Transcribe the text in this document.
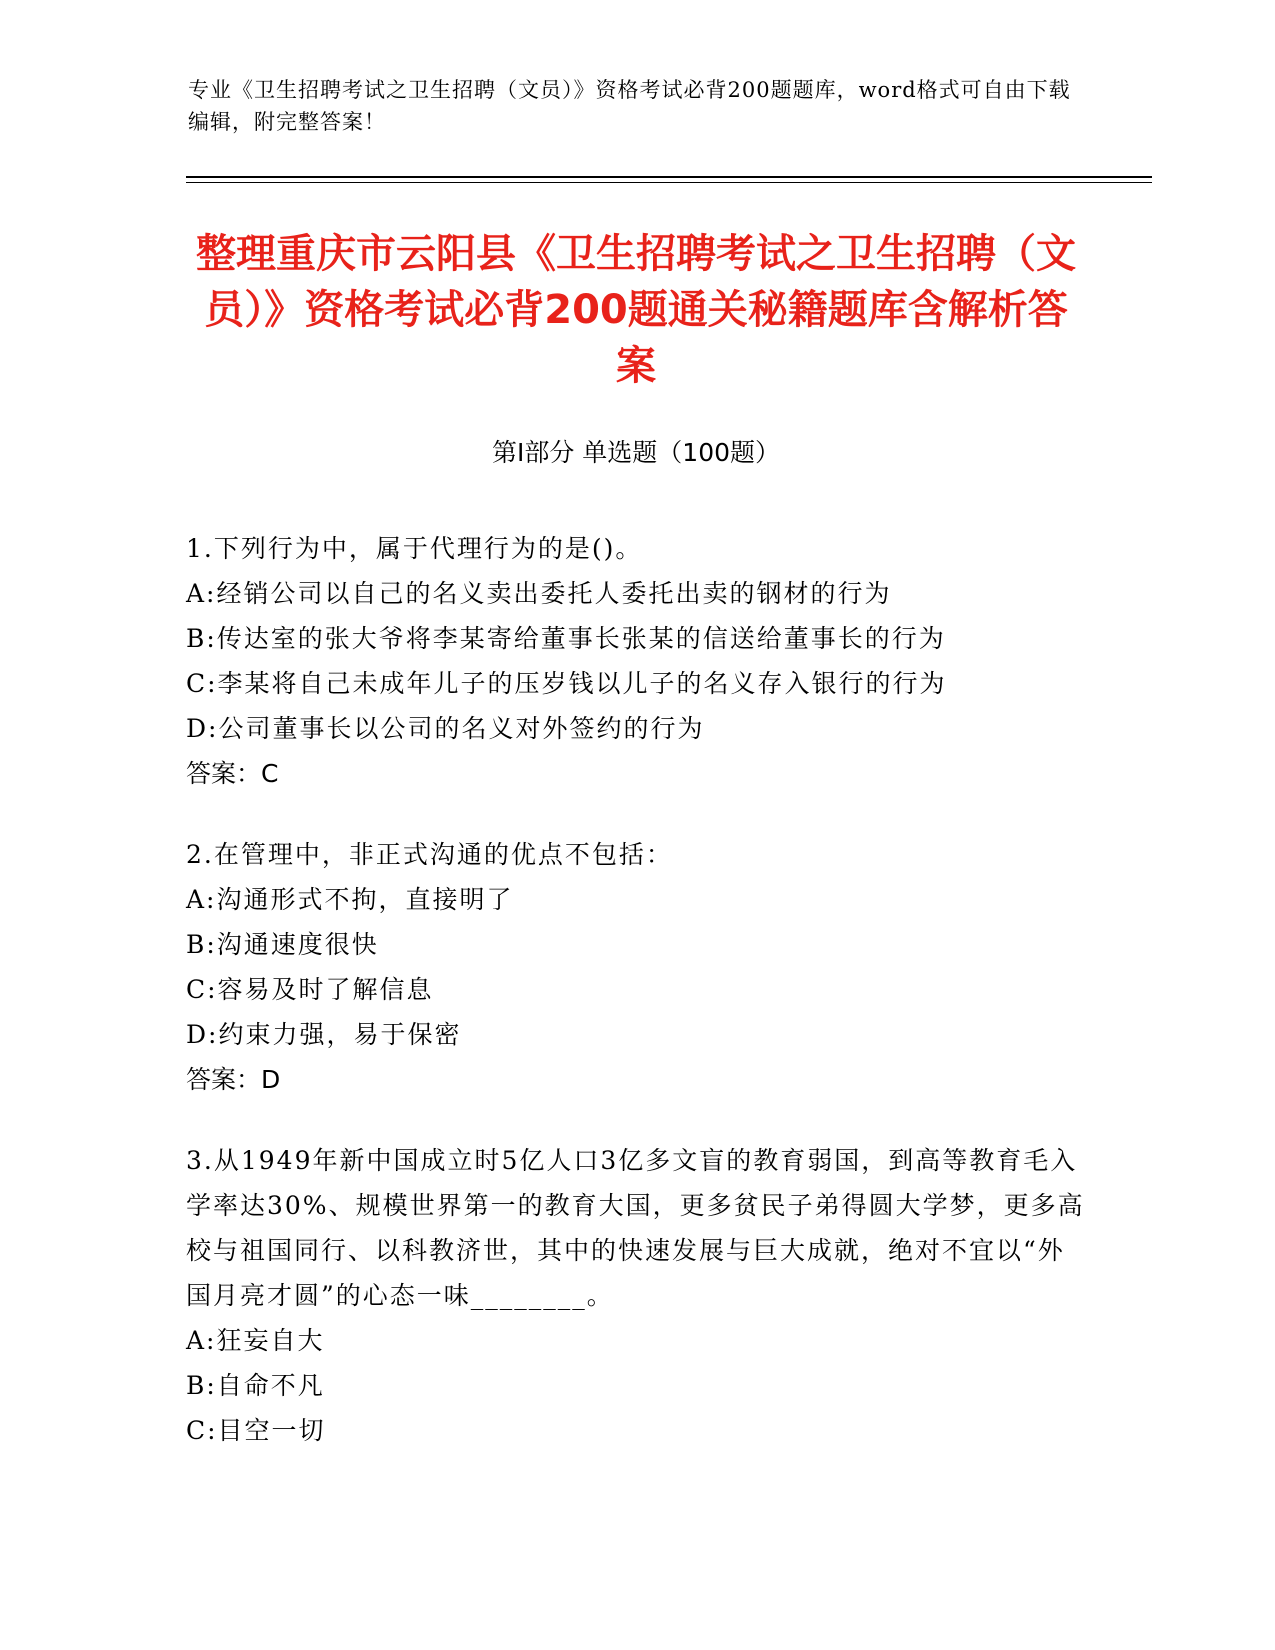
专业《卫生招聘考试之卫生招聘（文员）》资格考试必背200题题库，word格式可自由下载编辑，附完整答案！
整理重庆市云阳县《卫生招聘考试之卫生招聘（文员）》资格考试必背200题通关秘籍题库含解析答案
第Ⅰ部分 单选题（100题）
1.下列行为中，属于代理行为的是()。
A:经销公司以自己的名义卖出委托人委托出卖的钢材的行为
B:传达室的张大爷将李某寄给董事长张某的信送给董事长的行为
C:李某将自己未成年儿子的压岁钱以儿子的名义存入银行的行为
D:公司董事长以公司的名义对外签约的行为
答案：C
2.在管理中，非正式沟通的优点不包括：
A:沟通形式不拘，直接明了
B:沟通速度很快
C:容易及时了解信息
D:约束力强，易于保密
答案：D
3.从1949年新中国成立时5亿人口3亿多文盲的教育弱国，到高等教育毛入学率达30%、规模世界第一的教育大国，更多贫民子弟得圆大学梦，更多高校与祖国同行、以科教济世，其中的快速发展与巨大成就，绝对不宜以“外国月亮才圆”的心态一味________。
A:狂妄自大
B:自命不凡
C:目空一切
